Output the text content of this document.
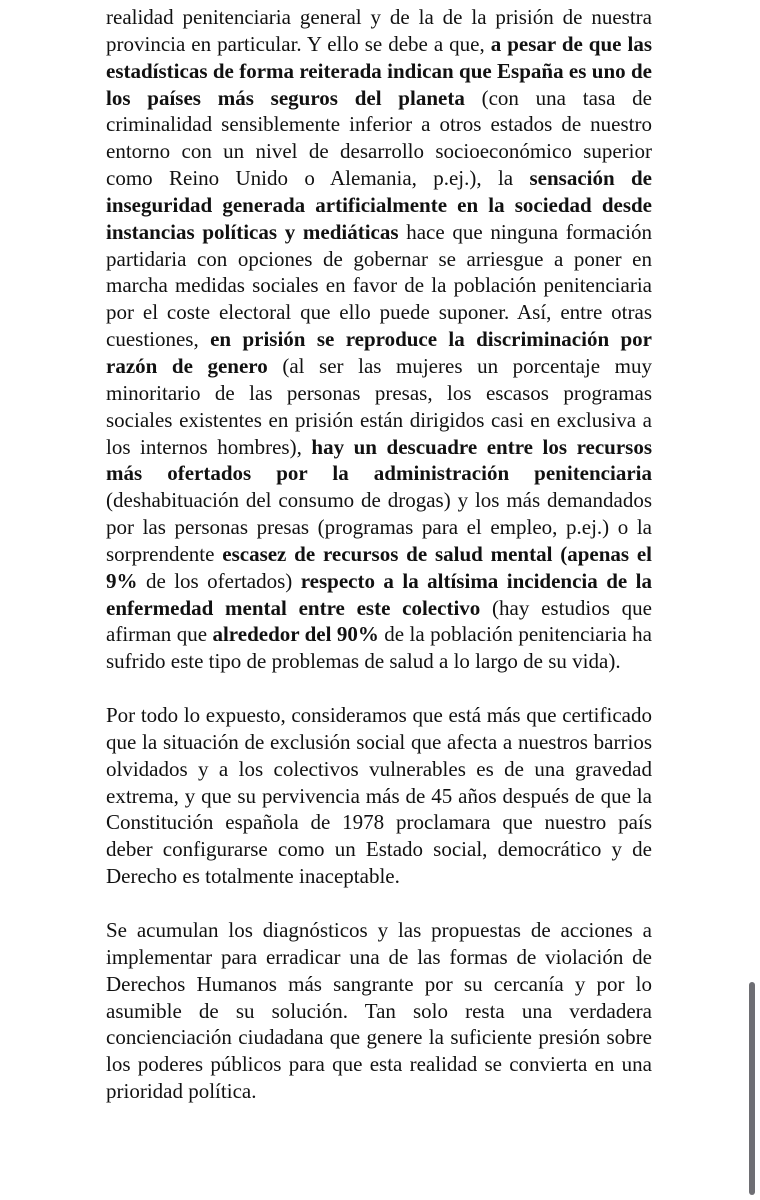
realidad penitenciaria general y de la de la prisión de nuestra provincia en particular. Y ello se debe a que, a pesar de que las estadísticas de forma reiterada indican que España es uno de los países más seguros del planeta (con una tasa de criminalidad sensiblemente inferior a otros estados de nuestro entorno con un nivel de desarrollo socioeconómico superior como Reino Unido o Alemania, p.ej.), la sensación de inseguridad generada artificialmente en la sociedad desde instancias políticas y mediáticas hace que ninguna formación partidaria con opciones de gobernar se arriesgue a poner en marcha medidas sociales en favor de la población penitenciaria por el coste electoral que ello puede suponer. Así, entre otras cuestiones, en prisión se reproduce la discriminación por razón de genero (al ser las mujeres un porcentaje muy minoritario de las personas presas, los escasos programas sociales existentes en prisión están dirigidos casi en exclusiva a los internos hombres), hay un descuadre entre los recursos más ofertados por la administración penitenciaria (deshabituación del consumo de drogas) y los más demandados por las personas presas (programas para el empleo, p.ej.) o la sorprendente escasez de recursos de salud mental (apenas el 9% de los ofertados) respecto a la altísima incidencia de la enfermedad mental entre este colectivo (hay estudios que afirman que alrededor del 90% de la población penitenciaria ha sufrido este tipo de problemas de salud a lo largo de su vida).

Por todo lo expuesto, consideramos que está más que certificado que la situación de exclusión social que afecta a nuestros barrios olvidados y a los colectivos vulnerables es de una gravedad extrema, y que su pervivencia más de 45 años después de que la Constitución española de 1978 proclamara que nuestro país deber configurarse como un Estado social, democrático y de Derecho es totalmente inaceptable.

Se acumulan los diagnósticos y las propuestas de acciones a implementar para erradicar una de las formas de violación de Derechos Humanos más sangrante por su cercanía y por lo asumible de su solución. Tan solo resta una verdadera concienciación ciudadana que genere la suficiente presión sobre los poderes públicos para que esta realidad se convierta en una prioridad política.
